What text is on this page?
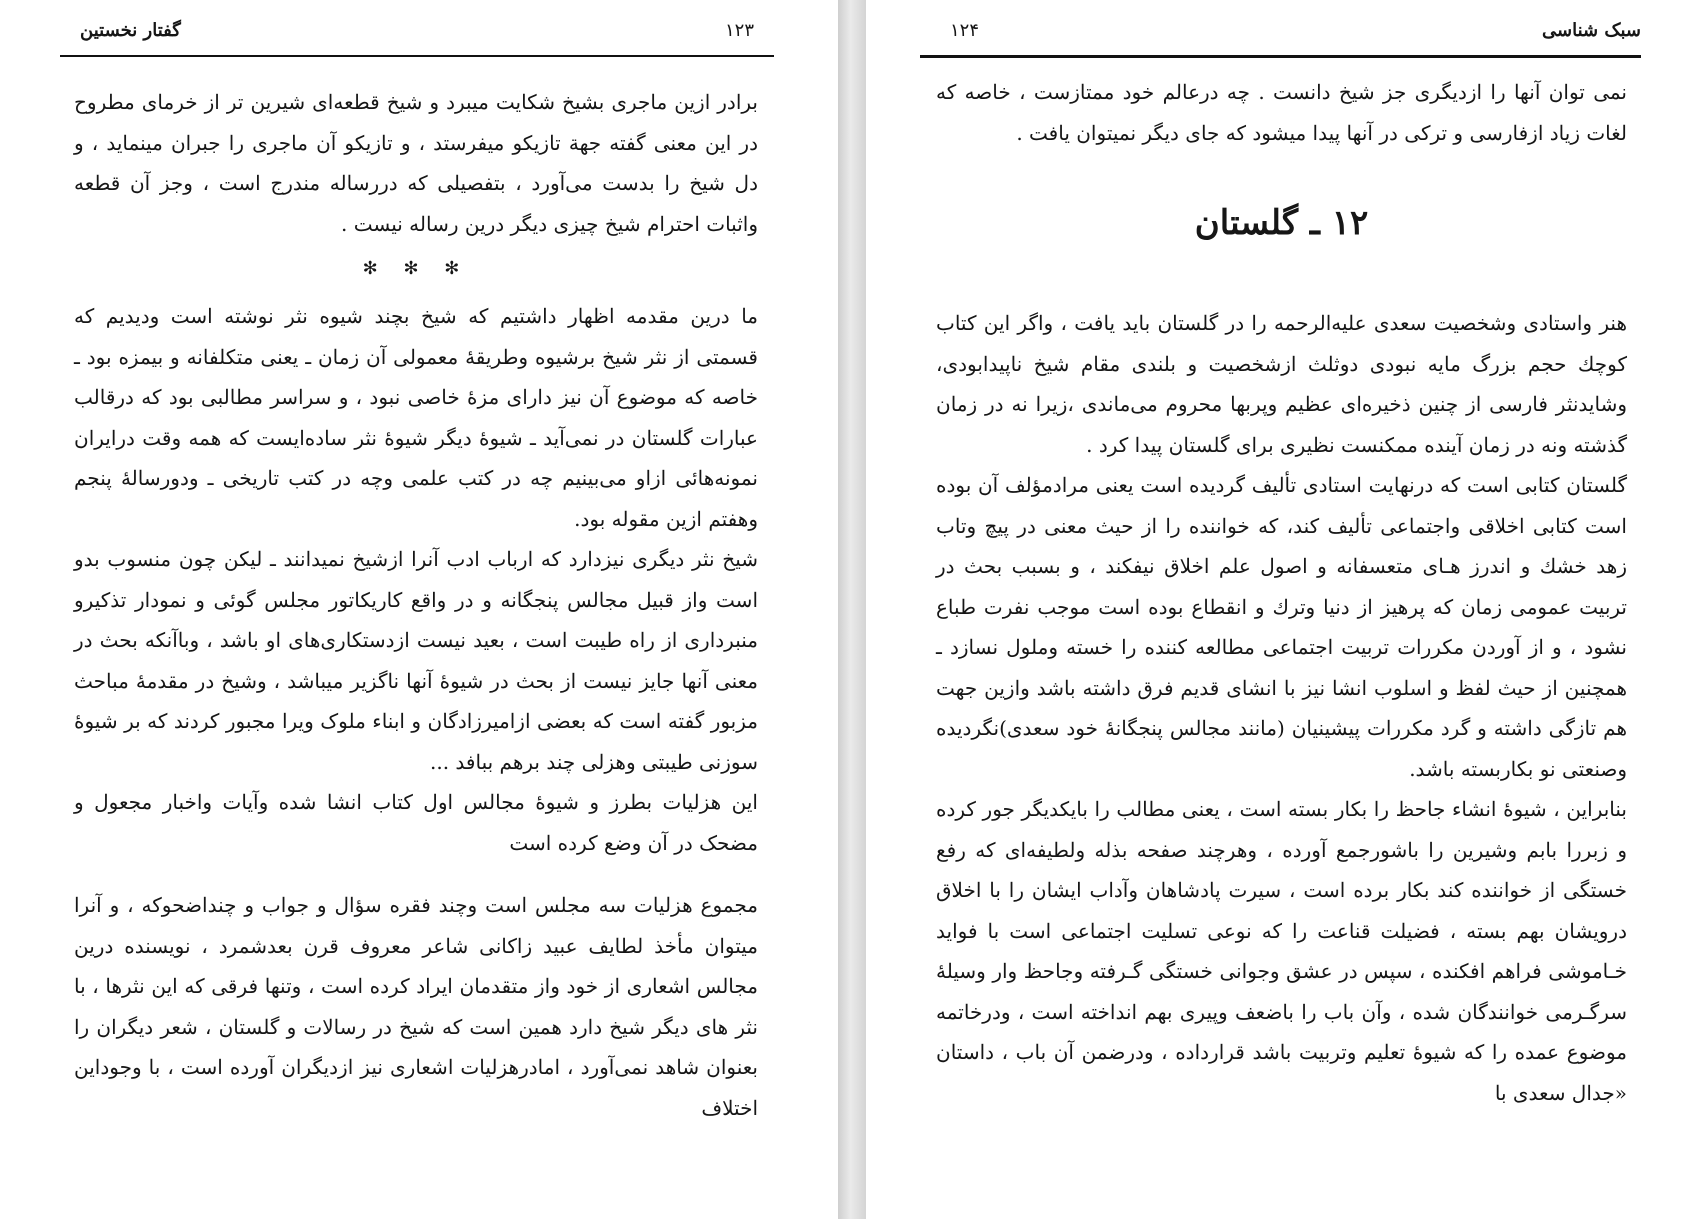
۱۲۳
گفتار نخستین

برادر ازین ماجری بشیخ شکایت میبرد و شیخ قطعه‌ای شیرین تر از خرمای مطروح در این معنی گفته جهة تازیکو میفرستد ، و تازیکو آن ماجری را جبران مینماید ، و دل شیخ را بدست می‌آورد ، بتفصیلی که دررساله مندرج است ، وجز آن قطعه واثبات احترام شیخ چیزی دیگر درین رساله نیست .

✻ ✻ ✻

ما درین مقدمه اظهار داشتیم که شیخ بچند شیوه نثر نوشته است ودیدیم که قسمتی از نثر شیخ برشیوه وطریقهٔ معمولی آن زمان ـ یعنی متکلفانه و بیمزه بود ـ خاصه که موضوع آن نیز دارای مزهٔ خاصی نبود ، و سراسر مطالبی بود که درقالب عبارات گلستان در نمی‌آید ـ شیوهٔ دیگر شیوهٔ نثر ساده‌ایست که همه وقت درایران نمونه‌هائی ازاو می‌بینیم چه در کتب علمی وچه در کتب تاریخی ـ ودورسالهٔ پنجم وهفتم ازین مقوله بود.

شیخ نثر دیگری نیزدارد که ارباب ادب آنرا ازشیخ نمیدانند ـ لیکن چون منسوب بدو است واز قبیل مجالس پنجگانه و در واقع کاریکاتور مجلس گوئی و نمودار تذکیرو منبرداری از راه طیبت است ، بعید نیست ازدستکاری‌های او باشد ، وباآنکه بحث در معنی آنها جایز نیست از بحث در شیوهٔ آنها ناگزیر میباشد ، وشیخ در مقدمهٔ مباحث مزبور گفته است که بعضی ازامیرزادگان و ابناء ملوک ویرا مجبور کردند که بر شیوهٔ سوزنی طیبتی وهزلی چند برهم ببافد ...

این هزلیات بطرز و شیوهٔ مجالس اول کتاب انشا شده وآیات واخبار مجعول و مضحک در آن وضع کرده است

مجموع هزلیات سه مجلس است وچند فقره سؤال و جواب و چنداضحوکه ، و آنرا میتوان مأخذ لطایف عبید زاکانی شاعر معروف قرن بعدشمرد ، نویسنده درین مجالس اشعاری از خود واز متقدمان ایراد کرده است ، وتنها فرقی که این نثرها ، با نثر های دیگر شیخ دارد همین است که شیخ در رسالات و گلستان ، شعر دیگران را بعنوان شاهد نمی‌آورد ، امادرهزلیات اشعاری نیز ازدیگران آورده است ، با وجوداین اختلاف

سبک شناسی
۱۲۴

نمی توان آنها را ازدیگری جز شیخ دانست . چه درعالم خود ممتازست ، خاصه که لغات زیاد ازفارسی و ترکی در آنها پیدا میشود که جای دیگر نمیتوان یافت .

۱۲ ـ گلستان

هنر واستادی وشخصیت سعدی علیه‌الرحمه را در گلستان باید یافت ، واگر این کتاب کوچك حجم بزرگ مایه نبودی دوثلث ازشخصیت و بلندی مقام شیخ ناپیدابودی، وشایدنثر فارسی از چنین ذخیره‌ای عظیم وپربها محروم می‌ماندی ،زیرا نه در زمان گذشته ونه در زمان آینده ممکنست نظیری برای گلستان پیدا کرد .

گلستان کتابی است که درنهایت استادی تألیف گردیده است یعنی مرادمؤلف آن بوده است کتابی اخلاقی واجتماعی تألیف کند، که خواننده را از حیث معنی در پیچ وتاب زهد خشك و اندرز هـای متعسفانه و اصول علم اخلاق نیفکند ، و بسبب بحث در تربیت عمومی زمان که پرهیز از دنیا وترك و انقطاع بوده است موجب نفرت طباع نشود ، و از آوردن مکررات تربیت اجتماعی مطالعه کننده را خسته وملول نسازد ـ همچنین از حیث لفظ و اسلوب انشا نیز با انشای قدیم فرق داشته باشد وازین جهت هم تازگی داشته و گرد مکررات پیشینیان (مانند مجالس پنجگانهٔ خود سعدی)نگردیده وصنعتی نو بکاربسته باشد.

بنابراین ، شیوهٔ انشاء جاحظ را بکار بسته است ، یعنی مطالب را بایکدیگر جور کرده و زبررا بابم وشیرین را باشورجمع آورده ، وهرچند صفحه بذله ولطیفه‌ای که رفع خستگی از خواننده کند بکار برده است ، سیرت پادشاهان وآداب ایشان را با اخلاق درویشان بهم بسته ، فضیلت قناعت را که نوعی تسلیت اجتماعی است با فواید خـاموشی فراهم افکنده ، سپس در عشق وجوانی خستگی گـرفته وجاحظ وار وسیلهٔ سرگـرمی خوانندگان شده ، وآن باب را باضعف وپیری بهم انداخته است ، ودرخاتمه موضوع عمده را که شیوهٔ تعلیم وتربیت باشد قرارداده ، ودرضمن آن باب ، داستان «جدال سعدی با
